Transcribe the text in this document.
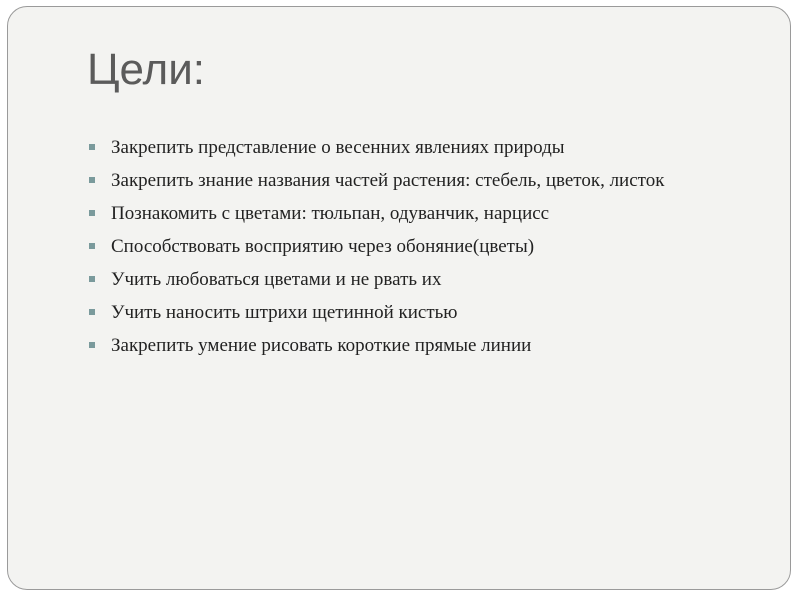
Цели:
Закрепить представление о весенних явлениях природы
Закрепить знание названия частей растения: стебель, цветок, листок
Познакомить с цветами: тюльпан, одуванчик, нарцисс
Способствовать восприятию через обоняние(цветы)
Учить любоваться цветами и не рвать их
Учить наносить штрихи щетинной кистью
Закрепить умение рисовать короткие прямые линии
